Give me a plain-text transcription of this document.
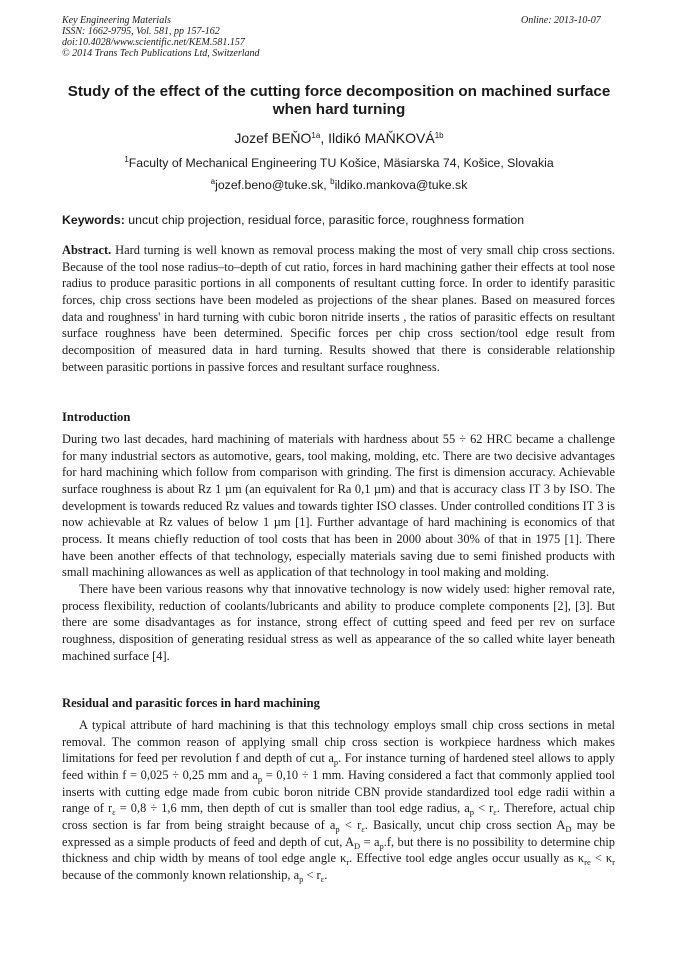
Key Engineering Materials
ISSN: 1662-9795, Vol. 581, pp 157-162
doi:10.4028/www.scientific.net/KEM.581.157
© 2014 Trans Tech Publications Ltd, Switzerland
Online: 2013-10-07
Study of the effect of the cutting force decomposition on machined surface when hard turning
Jozef $BEŇO^{1a}$, Ildikó $MAŇKOVÁ^{1b}$
$^1$Faculty of Mechanical Engineering TU Košice, Mäsiarska 74, Košice, Slovakia
$^a$jozef.beno@tuke.sk, $^b$ildiko.mankova@tuke.sk
Keywords: uncut chip projection, residual force, parasitic force, roughness formation

Abstract. Hard turning is well known as removal process making the most of very small chip cross sections. Because of the tool nose radius–to–depth of cut ratio, forces in hard machining gather their effects at tool nose radius to produce parasitic portions in all components of resultant cutting force. In order to identify parasitic forces, chip cross sections have been modeled as projections of the shear planes. Based on measured forces data and roughness' in hard turning with cubic boron nitride inserts , the ratios of parasitic effects on resultant surface roughness have been determined. Specific forces per chip cross section/tool edge result from decomposition of measured data in hard turning. Results showed that there is considerable relationship between parasitic portions in passive forces and resultant surface roughness.

Introduction

During two last decades, hard machining of materials with hardness about 55 ÷ 62 HRC became a challenge for many industrial sectors as automotive, gears, tool making, molding, etc. There are two decisive advantages for hard machining which follow from comparison with grinding. The first is dimension accuracy. Achievable surface roughness is about Rz 1 µm (an equivalent for Ra 0,1 µm) and that is accuracy class IT 3 by ISO. The development is towards reduced Rz values and towards tighter ISO classes. Under controlled conditions IT 3 is now achievable at Rz values of below 1 µm [1]. Further advantage of hard machining is economics of that process. It means chiefly reduction of tool costs that has been in 2000 about 30% of that in 1975 [1]. There have been another effects of that technology, especially materials saving due to semi finished products with small machining allowances as well as application of that technology in tool making and molding.

There have been various reasons why that innovative technology is now widely used: higher removal rate, process flexibility, reduction of coolants/lubricants and ability to produce complete components [2], [3]. But there are some disadvantages as for instance, strong effect of cutting speed and feed per rev on surface roughness, disposition of generating residual stress as well as appearance of the so called white layer beneath machined surface [4].

Residual and parasitic forces in hard machining

A typical attribute of hard machining is that this technology employs small chip cross sections in metal removal. The common reason of applying small chip cross section is workpiece hardness which makes limitations for feed per revolution f and depth of cut $a_p$. For instance turning of hardened steel allows to apply feed within f = 0,025 ÷ 0,25 mm and $a_p = 0,10 \div 1$ mm. Having considered a fact that commonly applied tool inserts with cutting edge made from cubic boron nitride CBN provide standardized tool edge radii within a range of $r_\varepsilon = 0,8 \div 1,6$ mm, then depth of cut is smaller than tool edge radius, $a_p < r_\varepsilon$. Therefore, actual chip cross section is far from being straight because of $a_p < r_\varepsilon$. Basically, uncut chip cross section $A_D$ may be expressed as a simple products of feed and depth of cut, $A_D = a_p.f$, but there is no possibility to determine chip thickness and chip width by means of tool edge angle $\kappa_r$. Effective tool edge angles occur usually as $\kappa_{re} < \kappa_r$ because of the commonly known relationship, $a_p < r_\varepsilon$.
